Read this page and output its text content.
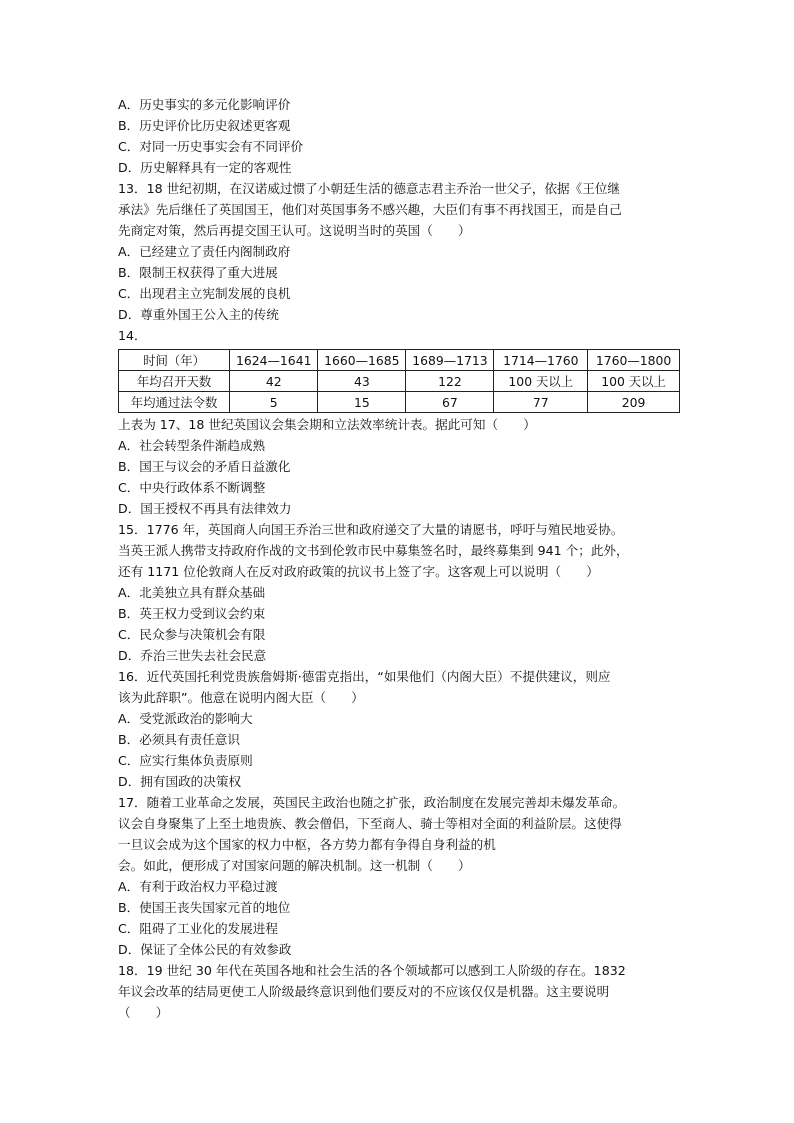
A．历史事实的多元化影响评价
B．历史评价比历史叙述更客观
C．对同一历史事实会有不同评价
D．历史解释具有一定的客观性
13．18 世纪初期，在汉诺威过惯了小朝廷生活的德意志君主乔治一世父子，依据《王位继
承法》先后继任了英国国王，他们对英国事务不感兴趣，大臣们有事不再找国王，而是自己
先商定对策，然后再提交国王认可。这说明当时的英国（　　）
A．已经建立了责任内阁制政府
B．限制王权获得了重大进展
C．出现君主立宪制发展的良机
D．尊重外国王公入主的传统
14．
时间（年）	1624—1641	1660—1685	1689—1713	1714—1760	1760—1800
年均召开天数	42	43	122	100 天以上	100 天以上
年均通过法令数	5	15	67	77	209
上表为 17、18 世纪英国议会集会期和立法效率统计表。据此可知（　　）
A．社会转型条件渐趋成熟
B．国王与议会的矛盾日益激化
C．中央行政体系不断调整
D．国王授权不再具有法律效力
15．1776 年，英国商人向国王乔治三世和政府递交了大量的请愿书，呼吁与殖民地妥协。
当英王派人携带支持政府作战的文书到伦敦市民中募集签名时，最终募集到 941 个；此外，
还有 1171 位伦敦商人在反对政府政策的抗议书上签了字。这客观上可以说明（　　）
A．北美独立具有群众基础
B．英王权力受到议会约束
C．民众参与决策机会有限
D．乔治三世失去社会民意
16．近代英国托利党贵族詹姆斯·德雷克指出，“如果他们（内阁大臣）不提供建议，则应
该为此辞职”。他意在说明内阁大臣（　　）
A．受党派政治的影响大
B．必须具有责任意识
C．应实行集体负责原则
D．拥有国政的决策权
17．随着工业革命之发展，英国民主政治也随之扩张，政治制度在发展完善却未爆发革命。
议会自身聚集了上至土地贵族、教会僧侣，下至商人、骑士等相对全面的利益阶层。这使得
一旦议会成为这个国家的权力中枢，各方势力都有争得自身利益的机
会。如此，便形成了对国家问题的解决机制。这一机制（　　）
A．有利于政治权力平稳过渡
B．使国王丧失国家元首的地位
C．阻碍了工业化的发展进程
D．保证了全体公民的有效参政
18．19 世纪 30 年代在英国各地和社会生活的各个领域都可以感到工人阶级的存在。1832
年议会改革的结局更使工人阶级最终意识到他们要反对的不应该仅仅是机器。这主要说明
（　　）
